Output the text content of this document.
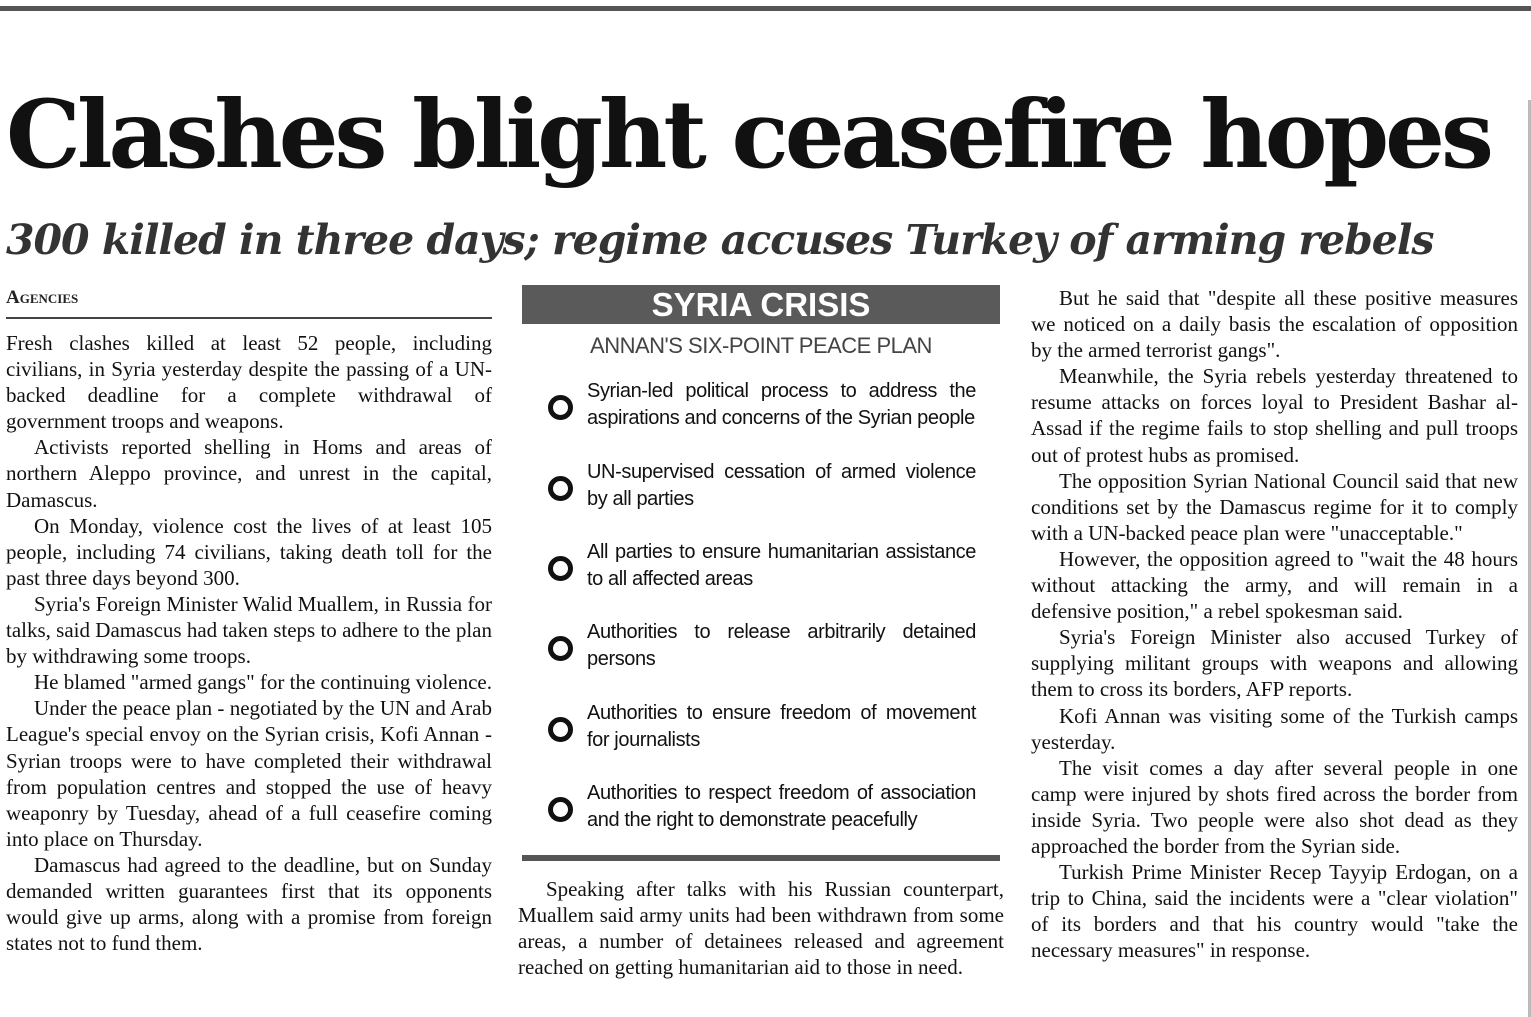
Clashes blight ceasefire hopes
300 killed in three days; regime accuses Turkey of arming rebels
Agencies

Fresh clashes killed at least 52 people, including civilians, in Syria yesterday despite the passing of a UN-backed deadline for a complete withdrawal of government troops and weapons.

Activists reported shelling in Homs and areas of northern Aleppo province, and unrest in the capital, Damascus.

On Monday, violence cost the lives of at least 105 people, including 74 civilians, taking death toll for the past three days beyond 300.

Syria's Foreign Minister Walid Muallem, in Russia for talks, said Damascus had taken steps to adhere to the plan by withdrawing some troops.

He blamed "armed gangs" for the continuing violence.

Under the peace plan - negotiated by the UN and Arab League's special envoy on the Syrian crisis, Kofi Annan - Syrian troops were to have completed their withdrawal from population centres and stopped the use of heavy weaponry by Tuesday, ahead of a full ceasefire coming into place on Thursday.

Damascus had agreed to the deadline, but on Sunday demanded written guarantees first that its opponents would give up arms, along with a promise from foreign states not to fund them.

SYRIA CRISIS
ANNAN'S SIX-POINT PEACE PLAN
Syrian-led political process to address the aspirations and concerns of the Syrian people
UN-supervised cessation of armed violence by all parties
All parties to ensure humanitarian assistance to all affected areas
Authorities to release arbitrarily detained persons
Authorities to ensure freedom of movement for journalists
Authorities to respect freedom of association and the right to demonstrate peacefully

Speaking after talks with his Russian counterpart, Muallem said army units had been withdrawn from some areas, a number of detainees released and agreement reached on getting humanitarian aid to those in need.

But he said that "despite all these positive measures we noticed on a daily basis the escalation of opposition by the armed terrorist gangs".

Meanwhile, the Syria rebels yesterday threatened to resume attacks on forces loyal to President Bashar al-Assad if the regime fails to stop shelling and pull troops out of protest hubs as promised.

The opposition Syrian National Council said that new conditions set by the Damascus regime for it to comply with a UN-backed peace plan were "unacceptable."

However, the opposition agreed to "wait the 48 hours without attacking the army, and will remain in a defensive position," a rebel spokesman said.

Syria's Foreign Minister also accused Turkey of supplying militant groups with weapons and allowing them to cross its borders, AFP reports.

Kofi Annan was visiting some of the Turkish camps yesterday.

The visit comes a day after several people in one camp were injured by shots fired across the border from inside Syria. Two people were also shot dead as they approached the border from the Syrian side.

Turkish Prime Minister Recep Tayyip Erdogan, on a trip to China, said the incidents were a "clear violation" of its borders and that his country would "take the necessary measures" in response.
